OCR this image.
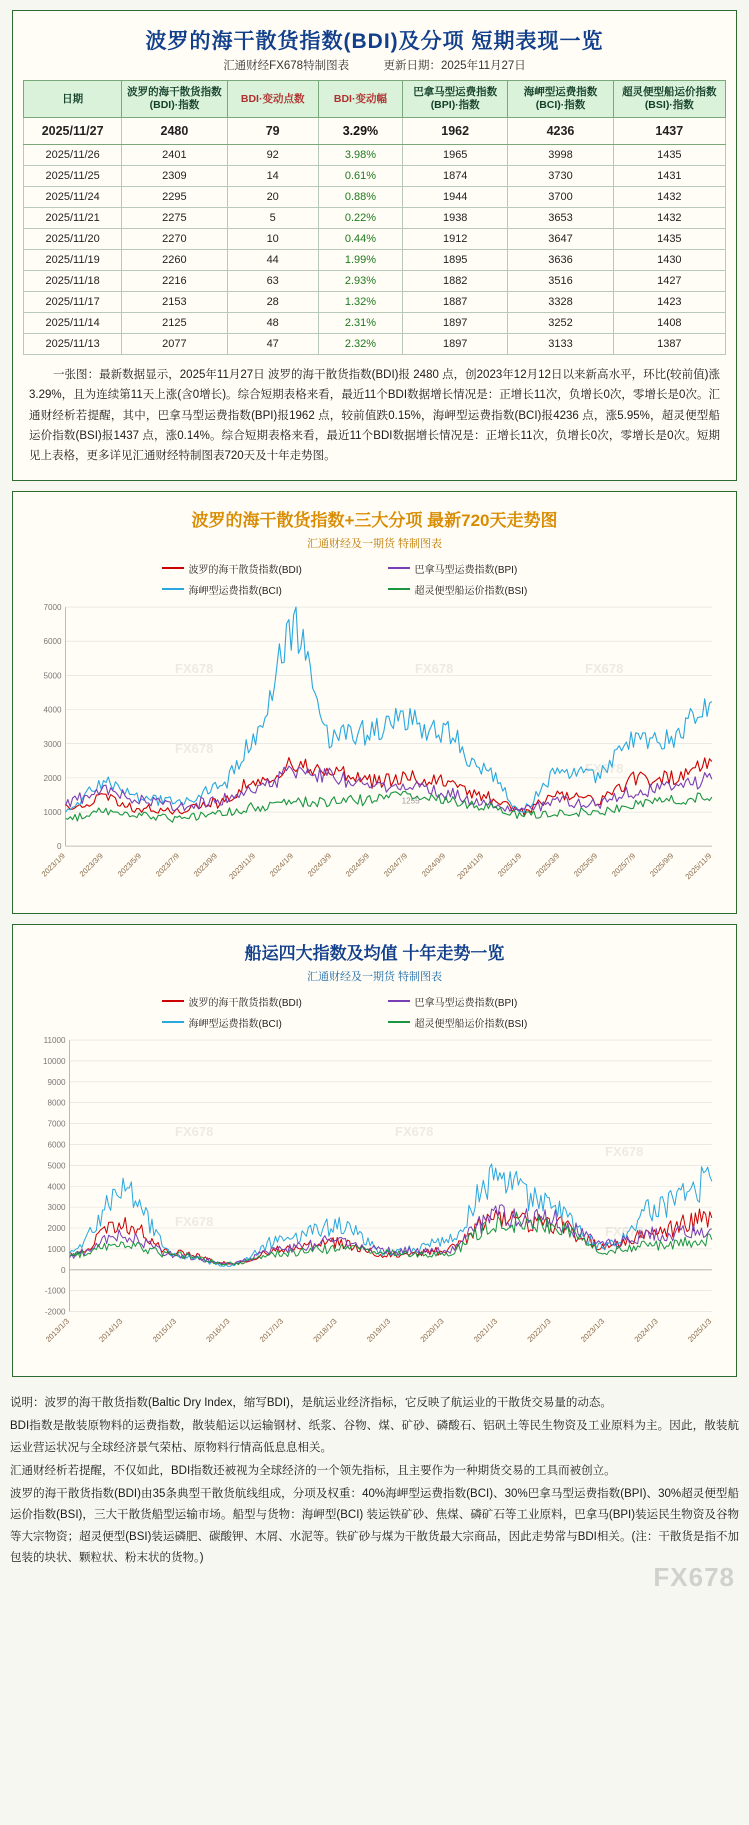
波罗的海干散货指数(BDI)及分项 短期表现一览
汇通财经FX678特制图表	更新日期：2025年11月27日
日期	波罗的海干散货指数(BDI)·指数	BDI·变动点数	BDI·变动幅	巴拿马型运费指数(BPI)·指数	海岬型运费指数(BCI)·指数	超灵便型船运价指数(BSI)·指数
2025/11/27	2480	79	3.29%	1962	4236	1437
2025/11/26	2401	92	3.98%	1965	3998	1435
2025/11/25	2309	14	0.61%	1874	3730	1431
2025/11/24	2295	20	0.88%	1944	3700	1432
2025/11/21	2275	5	0.22%	1938	3653	1432
2025/11/20	2270	10	0.44%	1912	3647	1435
2025/11/19	2260	44	1.99%	1895	3636	1430
2025/11/18	2216	63	2.93%	1882	3516	1427
2025/11/17	2153	28	1.32%	1887	3328	1423
2025/11/14	2125	48	2.31%	1897	3252	1408
2025/11/13	2077	47	2.32%	1897	3133	1387
一张图：最新数据显示，2025年11月27日 波罗的海干散货指数(BDI)报 2480 点，创2023年12月12日以来新高水平，环比(较前值)涨3.29%，且为连续第11天上涨(含0增长)。综合短期表格来看，最近11个BDI数据增长情况是：正增长11次，负增长0次，零增长是0次。汇通财经析若提醒，其中，巴拿马型运费指数(BPI)报1962 点，较前值跌0.15%，海岬型运费指数(BCI)报4236 点，涨5.95%，超灵便型船运价指数(BSI)报1437 点，涨0.14%。综合短期表格来看，最近11个BDI数据增长情况是：正增长11次，负增长0次，零增长是0次。短期见上表格，更多详见汇通财经特制图表720天及十年走势图。
波罗的海干散货指数+三大分项 最新720天走势图
汇通财经及一期货 特制图表
波罗的海干散货指数(BDI)	巴拿马型运费指数(BPI)
海岬型运费指数(BCI)	超灵便型船运价指数(BSI)
0
1000
2000
3000
4000
5000
6000
7000
2023/1/9 2023/3/9 2023/5/9 2023/7/9 2023/9/9 2023/11/9 2024/1/9 2024/3/9 2024/5/9 2024/7/9 2024/9/9 2024/11/9 2025/1/9 2025/3/9 2025/5/9 2025/7/9 2025/9/9 2025/11/9
1255
FX678	FX678	FX678
FX678
FX678
船运四大指数及均值 十年走势一览
汇通财经及一期货 特制图表
波罗的海干散货指数(BDI)	巴拿马型运费指数(BPI)
海岬型运费指数(BCI)	超灵便型船运价指数(BSI)
-2000
-1000
0
1000
2000
3000
4000
5000
6000
7000
8000
9000
10000
11000
2013/1/3	2014/1/3	2015/1/3	2016/1/3	2017/1/3	2018/1/3	2019/1/3	2020/1/3	2021/1/3	2022/1/3	2023/1/3	2024/1/3	2025/1/3
FX678	FX678
FX678
FX678
FX678

说明：波罗的海干散货指数(Baltic Dry Index，缩写BDI)，是航运业经济指标，它反映了航运业的干散货交易量的动态。

BDI指数是散装原物料的运费指数，散装船运以运输钢材、纸浆、谷物、煤、矿砂、磷酸石、铝矾土等民生物资及工业原料为主。因此，散装航运业营运状况与全球经济景气荣枯、原物料行情高低息息相关。

汇通财经析若提醒，不仅如此，BDI指数还被视为全球经济的一个领先指标，且主要作为一种期货交易的工具而被创立。

波罗的海干散货指数(BDI)由35条典型干散货航线组成，分项及权重：40%海岬型运费指数(BCI)、30%巴拿马型运费指数(BPI)、30%超灵便型船运价指数(BSI)，三大干散货船型运输市场。船型与货物：海岬型(BCI) 装运铁矿砂、焦煤、磷矿石等工业原料，巴拿马(BPI)装运民生物资及谷物等大宗物资；超灵便型(BSI)装运磷肥、碳酸钾、木屑、水泥等。铁矿砂与煤为干散货最大宗商品，因此走势常与BDI相关。(注：干散货是指不加包装的块状、颗粒状、粉末状的货物。)

FX678
